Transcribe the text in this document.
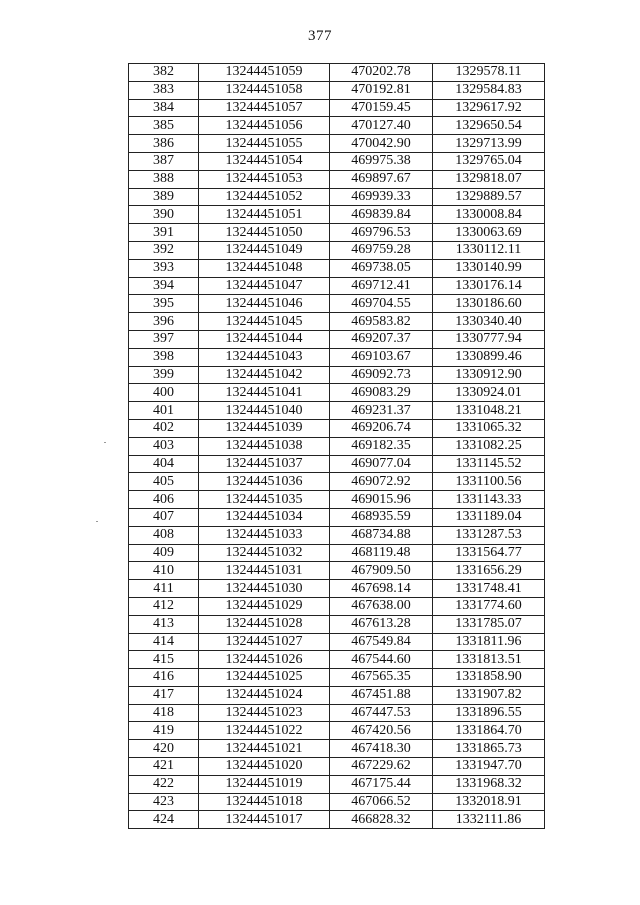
377
382	13244451059	470202.78	1329578.11
383	13244451058	470192.81	1329584.83
384	13244451057	470159.45	1329617.92
385	13244451056	470127.40	1329650.54
386	13244451055	470042.90	1329713.99
387	13244451054	469975.38	1329765.04
388	13244451053	469897.67	1329818.07
389	13244451052	469939.33	1329889.57
390	13244451051	469839.84	1330008.84
391	13244451050	469796.53	1330063.69
392	13244451049	469759.28	1330112.11
393	13244451048	469738.05	1330140.99
394	13244451047	469712.41	1330176.14
395	13244451046	469704.55	1330186.60
396	13244451045	469583.82	1330340.40
397	13244451044	469207.37	1330777.94
398	13244451043	469103.67	1330899.46
399	13244451042	469092.73	1330912.90
400	13244451041	469083.29	1330924.01
401	13244451040	469231.37	1331048.21
402	13244451039	469206.74	1331065.32
403	13244451038	469182.35	1331082.25
404	13244451037	469077.04	1331145.52
405	13244451036	469072.92	1331100.56
406	13244451035	469015.96	1331143.33
407	13244451034	468935.59	1331189.04
408	13244451033	468734.88	1331287.53
409	13244451032	468119.48	1331564.77
410	13244451031	467909.50	1331656.29
411	13244451030	467698.14	1331748.41
412	13244451029	467638.00	1331774.60
413	13244451028	467613.28	1331785.07
414	13244451027	467549.84	1331811.96
415	13244451026	467544.60	1331813.51
416	13244451025	467565.35	1331858.90
417	13244451024	467451.88	1331907.82
418	13244451023	467447.53	1331896.55
419	13244451022	467420.56	1331864.70
420	13244451021	467418.30	1331865.73
421	13244451020	467229.62	1331947.70
422	13244451019	467175.44	1331968.32
423	13244451018	467066.52	1332018.91
424	13244451017	466828.32	1332111.86
